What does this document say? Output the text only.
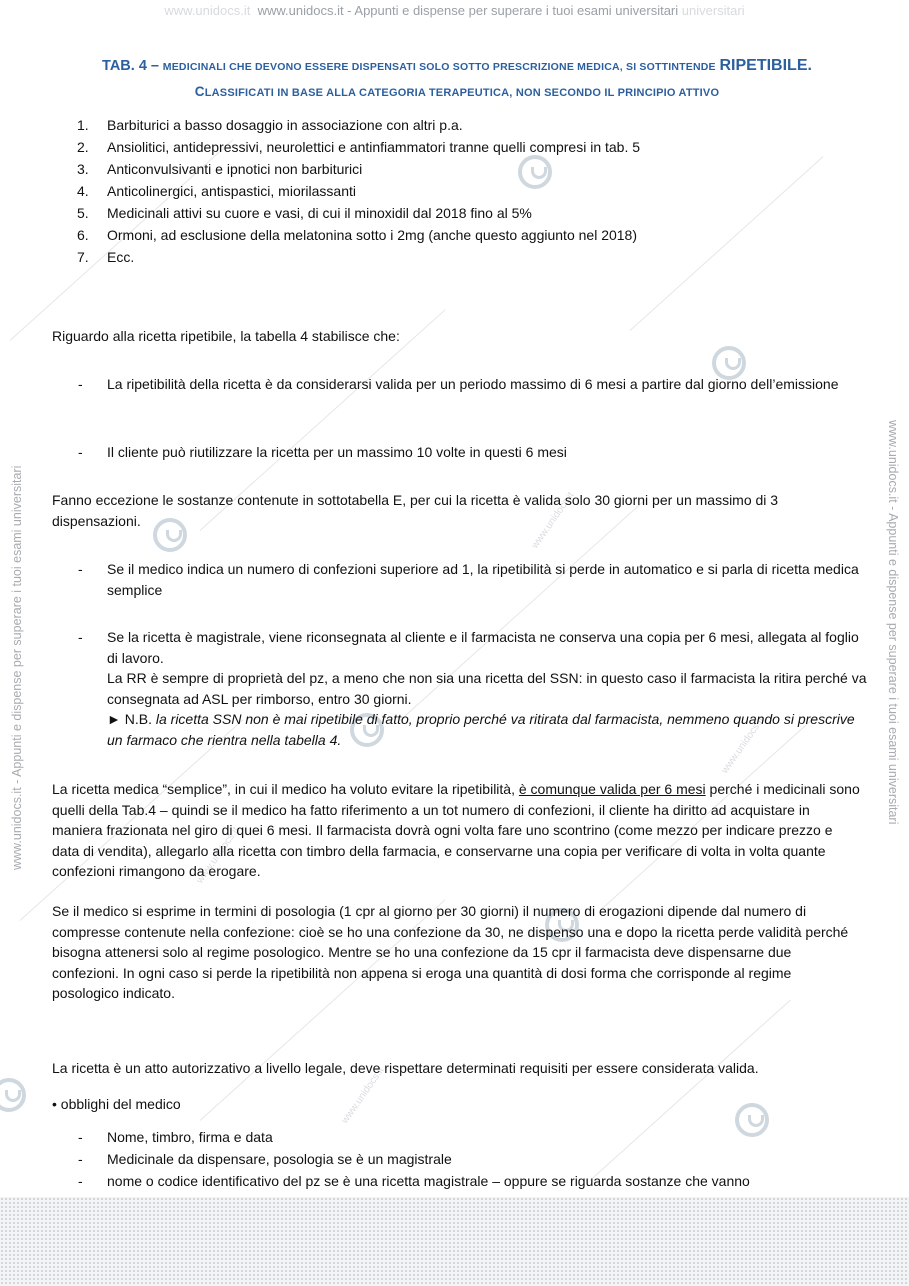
www.unidocs.it www.unidocs.it - Appunti e dispense per superare i tuoi esami universitari universitari
www.unidocs.it - Appunti e dispense per superare i tuoi esami universitari	www.unidocs.it - Appunti e dispense per superare i tuoi esami universitari
www.unidocs.it
www.unidocs.it
www.unidocs.it
www.unidocs.it
TAB. 4 – MEDICINALI CHE DEVONO ESSERE DISPENSATI SOLO SOTTO PRESCRIZIONE MEDICA, SI SOTTINTENDE RIPETIBILE.
CLASSIFICATI IN BASE ALLA CATEGORIA TERAPEUTICA, NON SECONDO IL PRINCIPIO ATTIVO
1.	Barbiturici a basso dosaggio in associazione con altri p.a.
2.	Ansiolitici, antidepressivi, neurolettici e antinfiammatori tranne quelli compresi in tab. 5
3.	Anticonvulsivanti e ipnotici non barbiturici
4.	Anticolinergici, antispastici, miorilassanti
5.	Medicinali attivi su cuore e vasi, di cui il minoxidil dal 2018 fino al 5%
6.	Ormoni, ad esclusione della melatonina sotto i 2mg (anche questo aggiunto nel 2018)
7.	Ecc.
Riguardo alla ricetta ripetibile, la tabella 4 stabilisce che:
- La ripetibilità della ricetta è da considerarsi valida per un periodo massimo di 6 mesi a partire dal giorno dell’emissione
- Il cliente può riutilizzare la ricetta per un massimo 10 volte in questi 6 mesi
Fanno eccezione le sostanze contenute in sottotabella E, per cui la ricetta è valida solo 30 giorni per un massimo di 3 dispensazioni.
- Se il medico indica un numero di confezioni superiore ad 1, la ripetibilità si perde in automatico e si parla di ricetta medica semplice
- Se la ricetta è magistrale, viene riconsegnata al cliente e il farmacista ne conserva una copia per 6 mesi, allegata al foglio di lavoro.
La RR è sempre di proprietà del pz, a meno che non sia una ricetta del SSN: in questo caso il farmacista la ritira perché va consegnata ad ASL per rimborso, entro 30 giorni.
► N.B. la ricetta SSN non è mai ripetibile di fatto, proprio perché va ritirata dal farmacista, nemmeno quando si prescrive un farmaco che rientra nella tabella 4.
La ricetta medica “semplice”, in cui il medico ha voluto evitare la ripetibilità, è comunque valida per 6 mesi perché i medicinali sono quelli della Tab.4 – quindi se il medico ha fatto riferimento a un tot numero di confezioni, il cliente ha diritto ad acquistare in maniera frazionata nel giro di quei 6 mesi. Il farmacista dovrà ogni volta fare uno scontrino (come mezzo per indicare prezzo e data di vendita), allegarlo alla ricetta con timbro della farmacia, e conservarne una copia per verificare di volta in volta quante confezioni rimangono da erogare.
Se il medico si esprime in termini di posologia (1 cpr al giorno per 30 giorni) il numero di erogazioni dipende dal numero di compresse contenute nella confezione: cioè se ho una confezione da 30, ne dispenso una e dopo la ricetta perde validità perché bisogna attenersi solo al regime posologico. Mentre se ho una confezione da 15 cpr il farmacista deve dispensarne due confezioni. In ogni caso si perde la ripetibilità non appena si eroga una quantità di dosi forma che corrisponde al regime posologico indicato.
La ricetta è un atto autorizzativo a livello legale, deve rispettare determinati requisiti per essere considerata valida.
• obblighi del medico
- Nome, timbro, firma e data
- Medicinale da dispensare, posologia se è un magistrale
- nome o codice identificativo del pz se è una ricetta magistrale – oppure se riguarda sostanze che vanno
